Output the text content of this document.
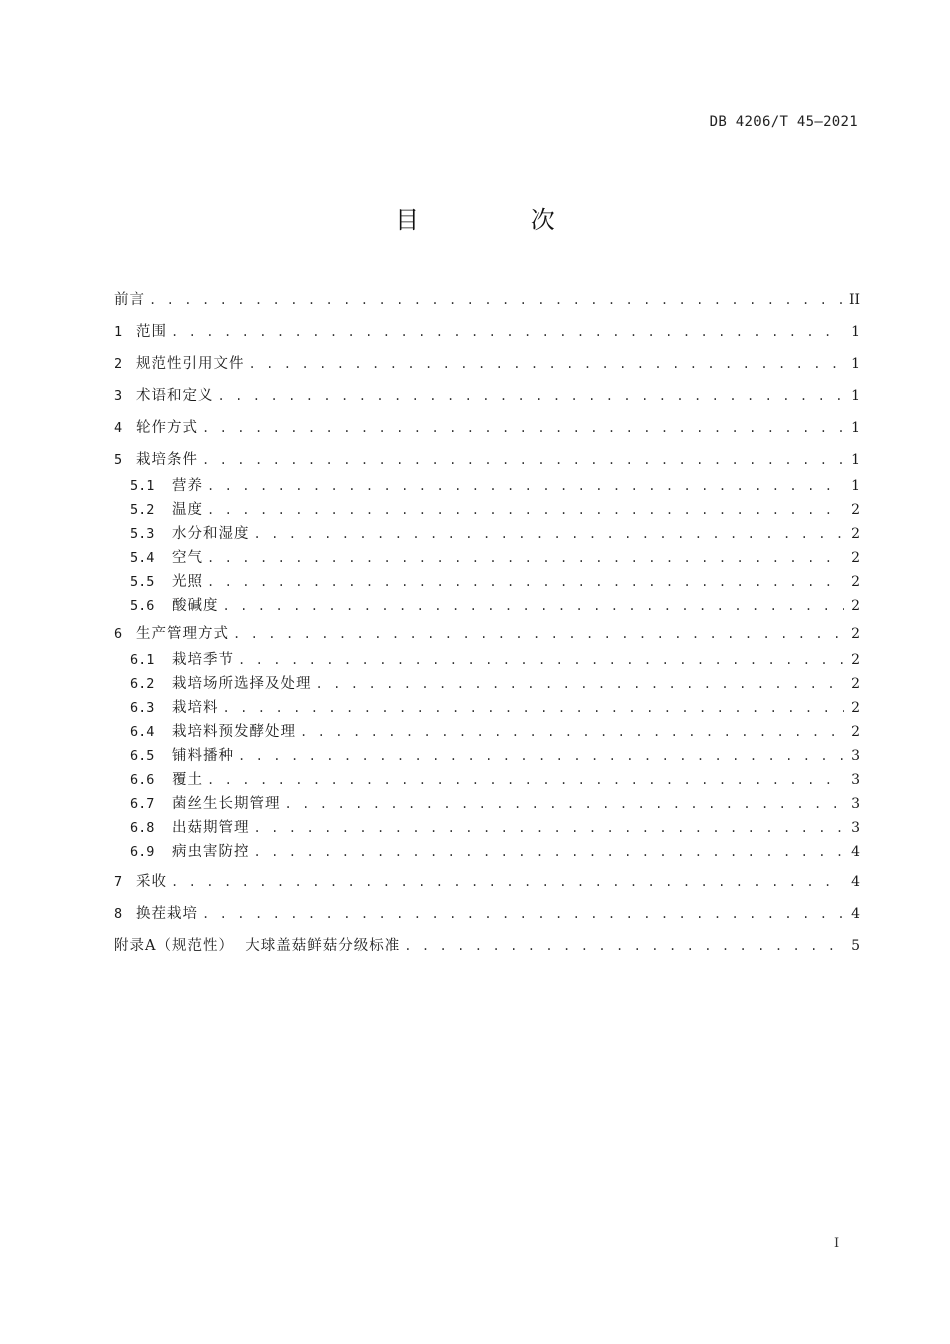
DB 4206/T 45—2021
目 次
前言 . . .	II
1 范围 . . .	1
2 规范性引用文件 . . .	1
3 术语和定义 . . .	1
4 轮作方式 . . .	1
5 栽培条件 . . .	1
5.1	营养 . . .	1
5.2	温度 . . .	2
5.3	水分和湿度 . . .	2
5.4	空气 . . .	2
5.5	光照 . . .	2
5.6	酸碱度 . . .	2
6 生产管理方式 . . .	2
6.1	栽培季节 . . .	2
6.2	栽培场所选择及处理 . . .	2
6.3	栽培料 . . .	2
6.4	栽培料预发酵处理 . . .	2
6.5	铺料播种 . . .	3
6.6	覆土 . . .	3
6.7	菌丝生长期管理 . . .	3
6.8	出菇期管理 . . .	3
6.9	病虫害防控 . . .	4
7 采收 . . .	4
8 换茬栽培 . . .	4
附录A（规范性）  大球盖菇鲜菇分级标准 . . .	5
I
